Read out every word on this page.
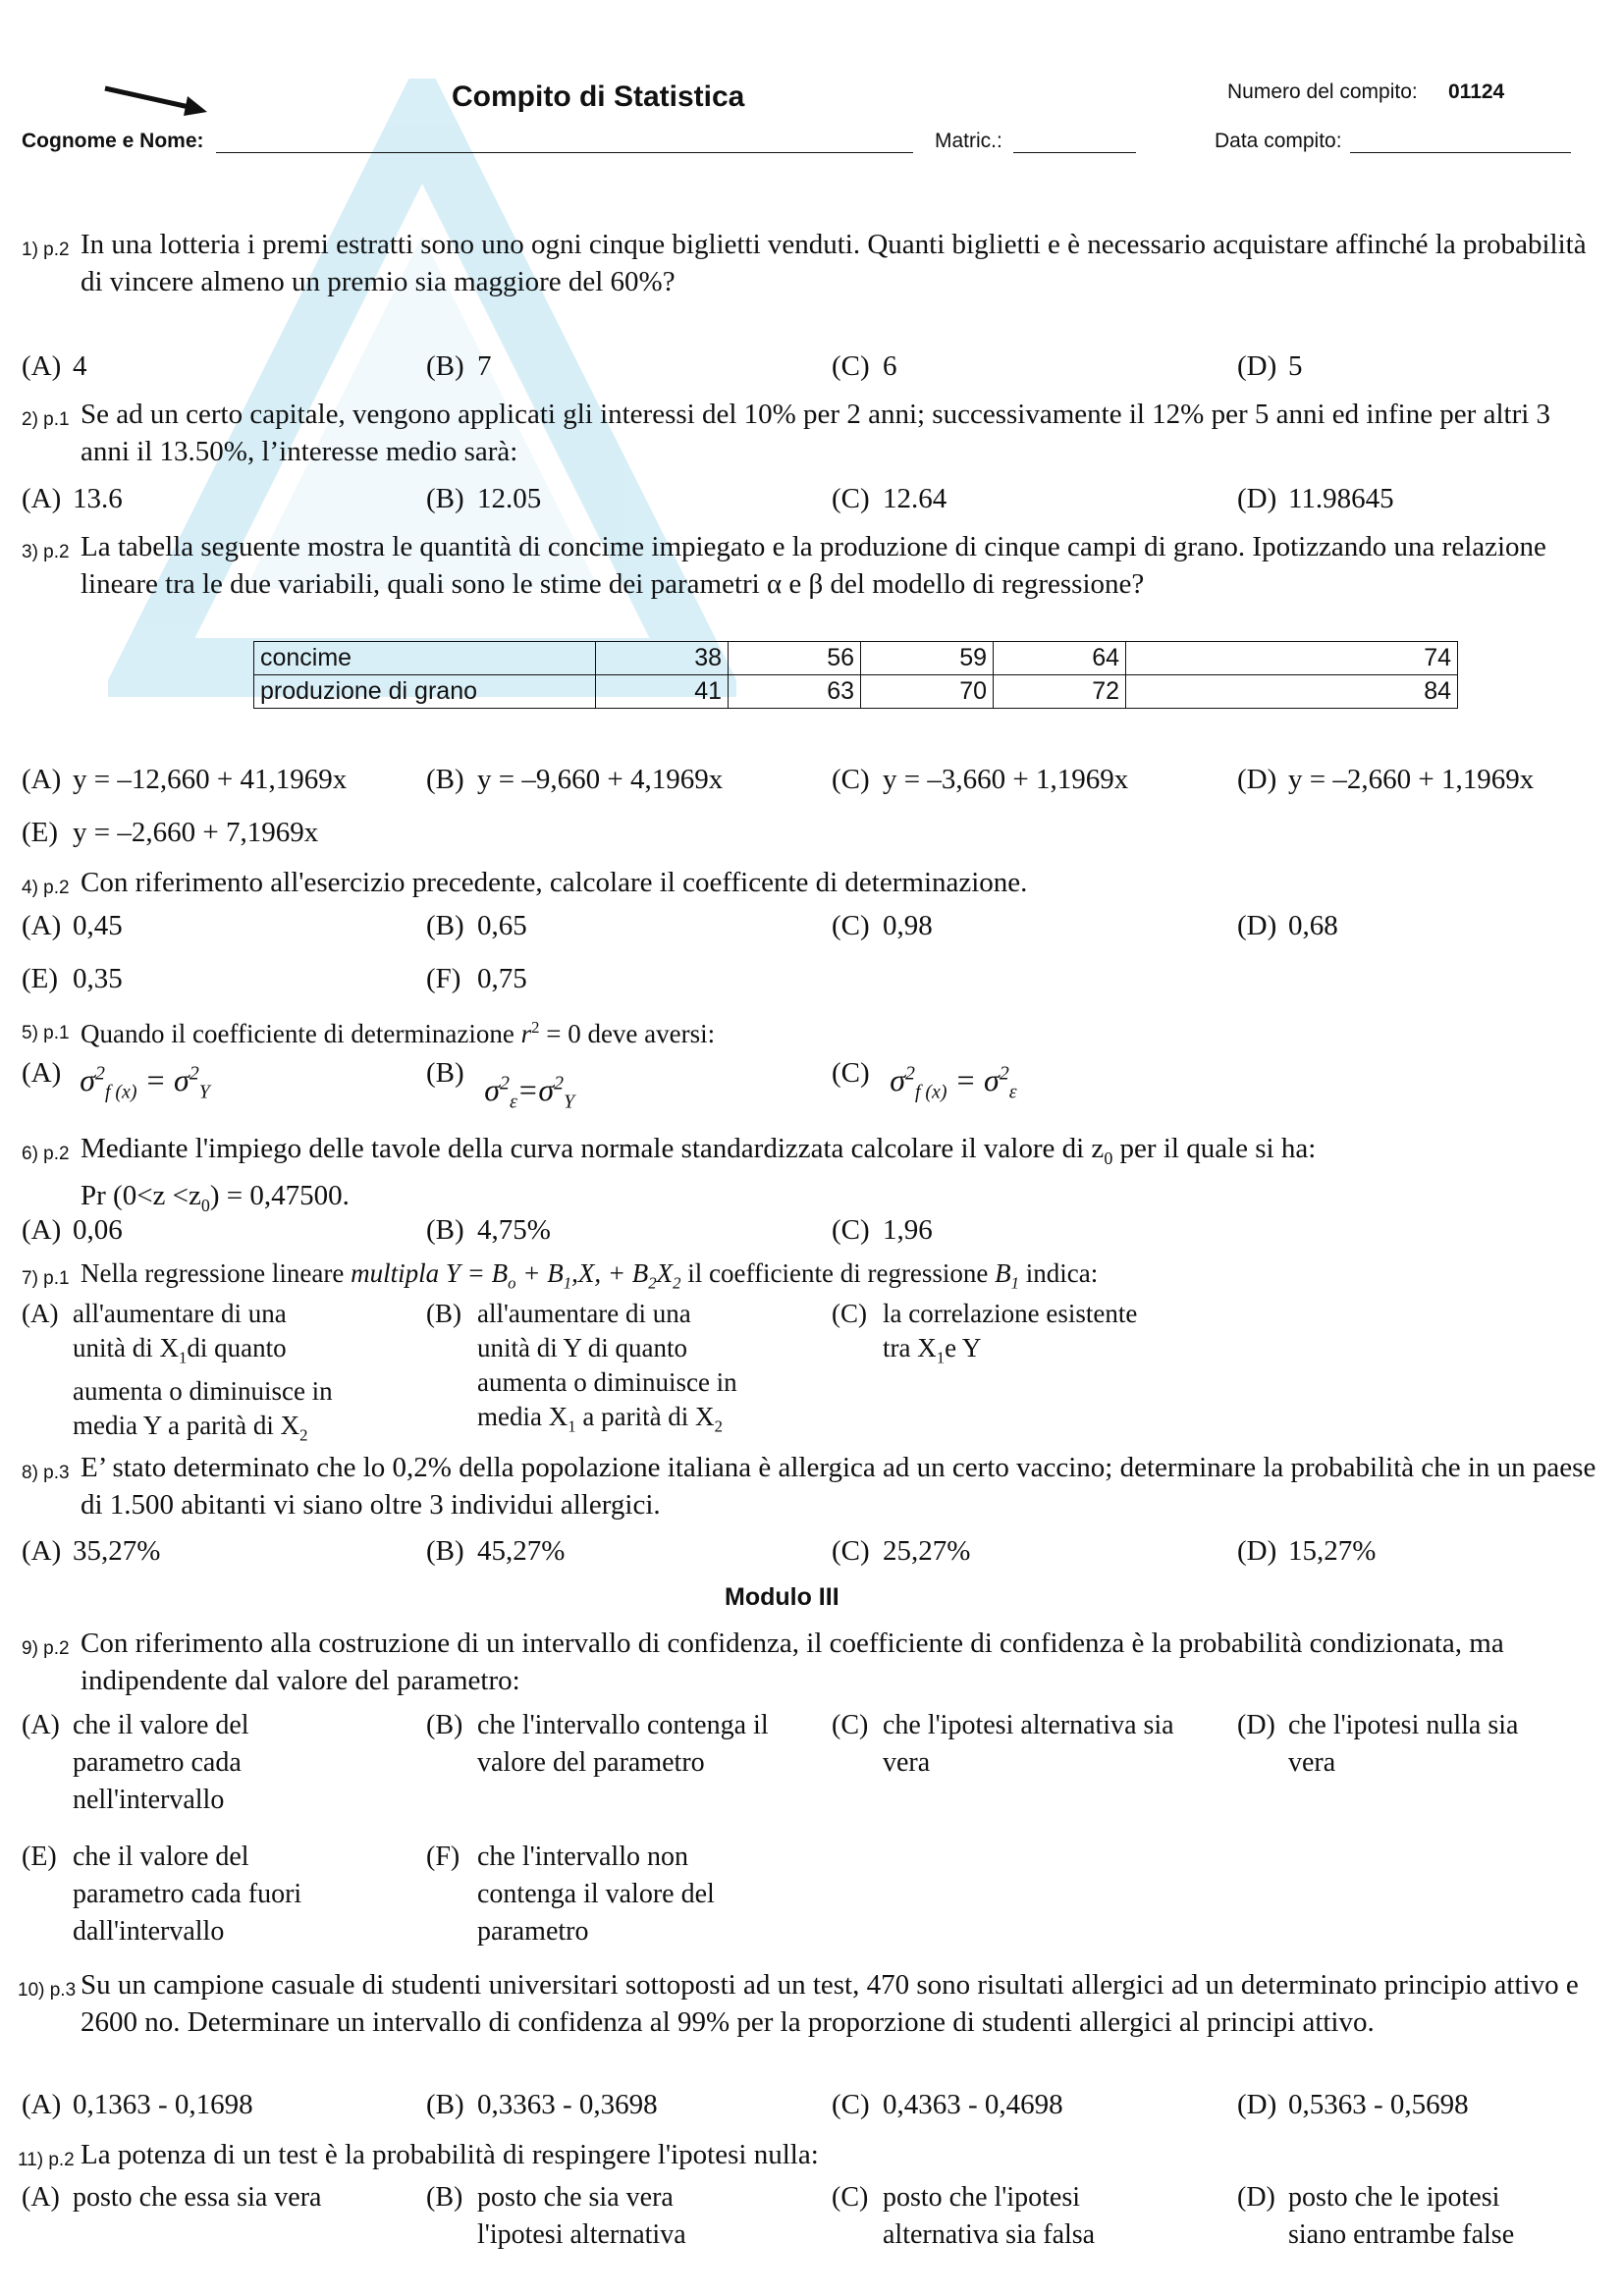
Compito di Statistica	Numero del compito: 01124
Cognome e Nome:	Matric.:	Data compito:
1) p.2 In una lotteria i premi estratti sono uno ogni cinque biglietti venduti. Quanti biglietti e è necessario acquistare affinché la probabilità di vincere almeno un premio sia maggiore del 60%?
(A) 4	(B) 7	(C) 6	(D) 5
2) p.1 Se ad un certo capitale, vengono applicati gli interessi del 10% per 2 anni; successivamente il 12% per 5 anni ed infine per altri 3 anni il 13.50%, l’interesse medio sarà:
(A) 13.6	(B) 12.05	(C) 12.64	(D) 11.98645
3) p.2 La tabella seguente mostra le quantità di concime impiegato e la produzione di cinque campi di grano. Ipotizzando una relazione lineare tra le due variabili, quali sono le stime dei parametri α e β del modello di regressione?
concime	38	56	59	64	74
produzione di grano	41	63	70	72	84
(A) y = –12,660 + 41,1969x	(B) y = –9,660 + 4,1969x	(C) y = –3,660 + 1,1969x	(D) y = –2,660 + 1,1969x
(E) y = –2,660 + 7,1969x
4) p.2 Con riferimento all'esercizio precedente, calcolare il coefficente di determinazione.
(A) 0,45	(B) 0,65	(C) 0,98	(D) 0,68
(E) 0,35	(F) 0,75
5) p.1 Quando il coefficiente di determinazione $r^2 = 0$ deve aversi:
(A) $\sigma^2_{f (x)} = \sigma^2_Y$
(B) $\sigma^2_\varepsilon=\sigma^2_Y$
(C) $\sigma^2_{f (x)} = \sigma^2_\varepsilon$
6) p.2 Mediante l'impiego delle tavole della curva normale standardizzata calcolare il valore di $z_0$ per il quale si ha:
Pr $(0<z <z_0) = 0,47500$.
(A) 0,06	(B) 4,75%	(C) 1,96
7) p.1 Nella regressione lineare multipla $Y = B_o + B_1,X$, + $B_2X_2$ il coefficiente di regressione $B_1$ indica:
(A) all'aumentare di una
unità di $X_1di$ quanto
aumenta o diminuisce in
media Y a parità di $X_2$
(B) all'aumentare di una
unità di Y di quanto
aumenta o diminuisce in
media $X_1$ a parità di $X_2$
(C) la correlazione esistente
tra $X_1e$ Y
8) p.3 E’ stato determinato che lo 0,2% della popolazione italiana è allergica ad un certo vaccino; determinare la probabilità che in un paese di 1.500 abitanti vi siano oltre 3 individui allergici.
(A) 35,27%	(B) 45,27%	(C) 25,27%	(D) 15,27%
Modulo III
9) p.2 Con riferimento alla costruzione di un intervallo di confidenza, il coefficiente di confidenza è la probabilità condizionata, ma indipendente dal valore del parametro:
(A) che il valore del parametro cada nell'intervallo
(B) che l'intervallo contenga il valore del parametro
(C) che l'ipotesi alternativa sia vera
(D) che l'ipotesi nulla sia vera
(E) che il valore del parametro cada fuori dall'intervallo
(F) che l'intervallo non contenga il valore del parametro
10) p.3 Su un campione casuale di studenti universitari sottoposti ad un test, 470 sono risultati allergici ad un determinato principio attivo e 2600 no. Determinare un intervallo di confidenza al 99% per la proporzione di studenti allergici al principi attivo.
(A) 0,1363 - 0,1698	(B) 0,3363 - 0,3698	(C) 0,4363 - 0,4698	(D) 0,5363 - 0,5698
11) p.2 La potenza di un test è la probabilità di respingere l'ipotesi nulla:
(A) posto che essa sia vera	(B) posto che sia vera l'ipotesi alternativa
(C) posto che l'ipotesi alternativa sia falsa
(D) posto che le ipotesi siano entrambe false
